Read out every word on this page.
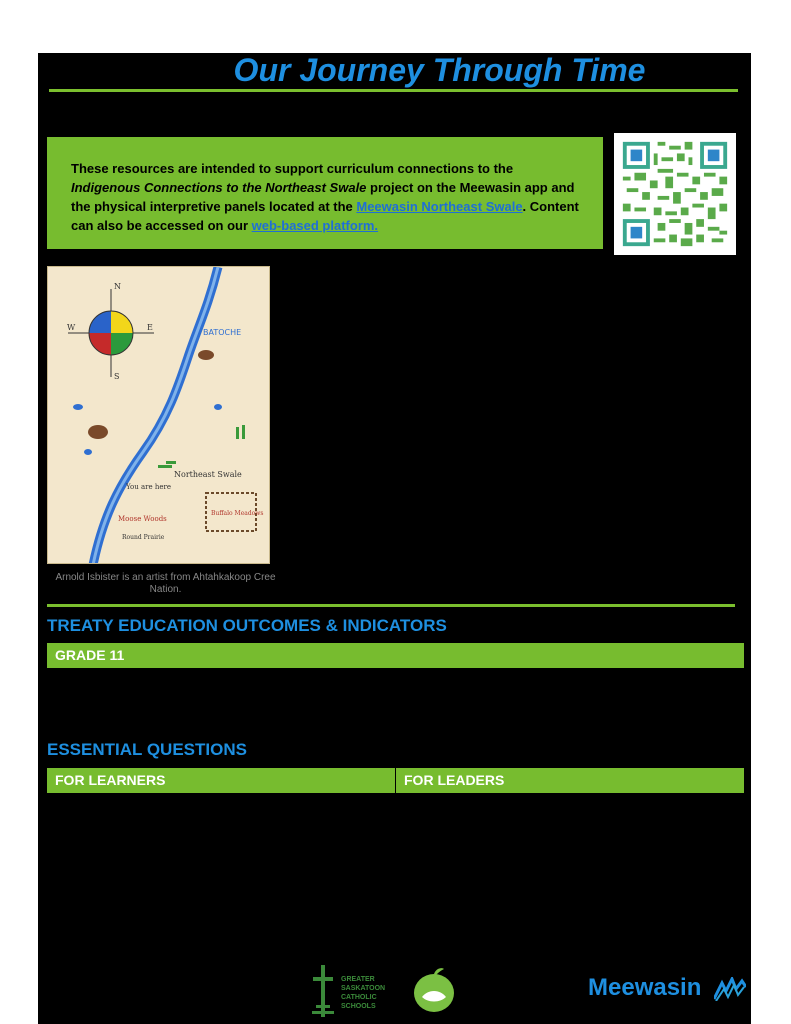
Our Journey Through Time
These resources are intended to support curriculum connections to the Indigenous Connections to the Northeast Swale project on the Meewasin app and the physical interpretive panels located at the Meewasin Northeast Swale. Content can also be accessed on our web-based platform.
N
E
W
S
BATOCHE
Northeast Swale
You are here
Moose Woods
Round Prairie
Buffalo Meadows
Arnold Isbister is an artist from Ahtahkakoop Cree Nation.
TREATY EDUCATION OUTCOMES & INDICATORS
GRADE 11
ESSENTIAL QUESTIONS
FOR LEARNERS	FOR LEADERS
GREATER
SASKATOON
CATHOLIC
SCHOOLS
Meewasin
